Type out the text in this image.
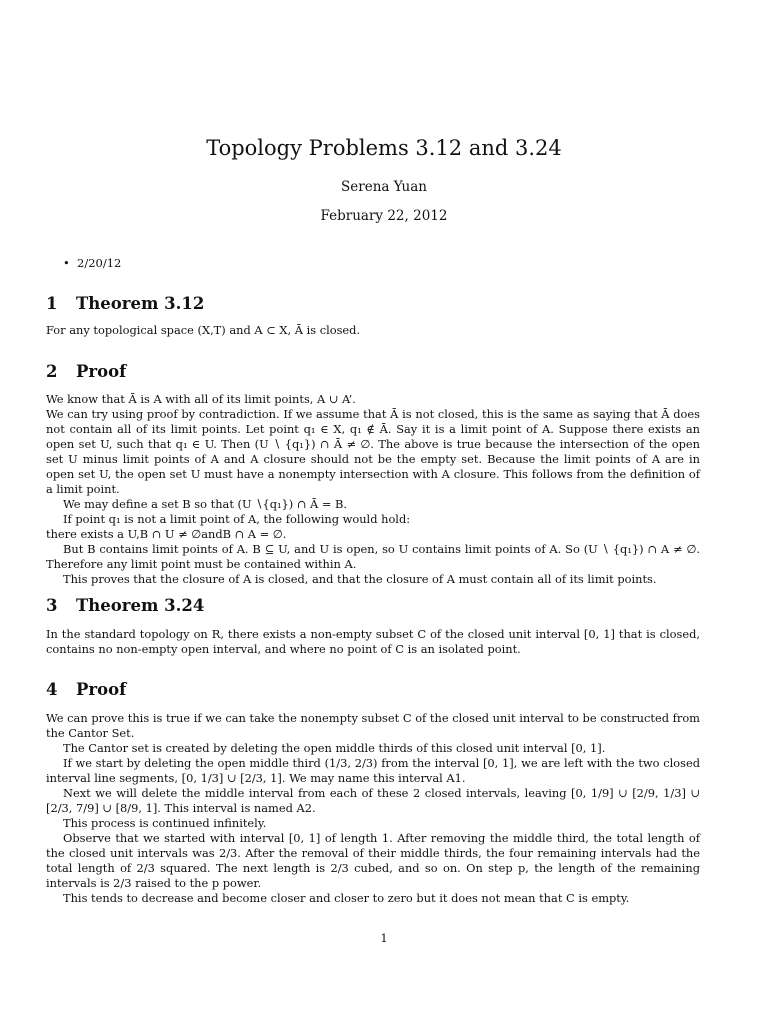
Topology Problems 3.12 and 3.24
Serena Yuan
February 22, 2012
• 2/20/12
1 Theorem 3.12

For any topological space (X,T) and A ⊂ X, Ā is closed.

2 Proof

We know that Ā is A with all of its limit points, A ∪ A’.

We can try using proof by contradiction. If we assume that Ā is not closed, this is the same as saying that Ā does not contain all of its limit points. Let point q₁ ∈ X, q₁ ∉ Ā. Say it is a limit point of A. Suppose there exists an open set U, such that q₁ ∈ U. Then (U ∖ {q₁}) ∩ Ā ≠ ∅. The above is true because the intersection of the open set U minus limit points of A and A closure should not be the empty set. Because the limit points of A are in open set U, the open set U must have a nonempty intersection with A closure. This follows from the definition of a limit point.

We may define a set B so that (U ∖{q₁}) ∩ Ā = B.

If point q₁ is not a limit point of A, the following would hold:

there exists a U,B ∩ U ≠ ∅andB ∩ A = ∅.

But B contains limit points of A. B ⊆ U, and U is open, so U contains limit points of A. So (U ∖ {q₁}) ∩ A ≠ ∅. Therefore any limit point must be contained within A.

This proves that the closure of A is closed, and that the closure of A must contain all of its limit points.

3 Theorem 3.24

In the standard topology on R, there exists a non-empty subset C of the closed unit interval [0, 1] that is closed, contains no non-empty open interval, and where no point of C is an isolated point.

4 Proof

We can prove this is true if we can take the nonempty subset C of the closed unit interval to be constructed from the Cantor Set.

The Cantor set is created by deleting the open middle thirds of this closed unit interval [0, 1].

If we start by deleting the open middle third (1/3, 2/3) from the interval [0, 1], we are left with the two closed interval line segments, [0, 1/3] ∪ [2/3, 1]. We may name this interval A1.

Next we will delete the middle interval from each of these 2 closed intervals, leaving [0, 1/9] ∪ [2/9, 1/3] ∪ [2/3, 7/9] ∪ [8/9, 1]. This interval is named A2.

This process is continued infinitely.

Observe that we started with interval [0, 1] of length 1. After removing the middle third, the total length of the closed unit intervals was 2/3. After the removal of their middle thirds, the four remaining intervals had the total length of 2/3 squared. The next length is 2/3 cubed, and so on. On step p, the length of the remaining intervals is 2/3 raised to the p power.

This tends to decrease and become closer and closer to zero but it does not mean that C is empty.

1
